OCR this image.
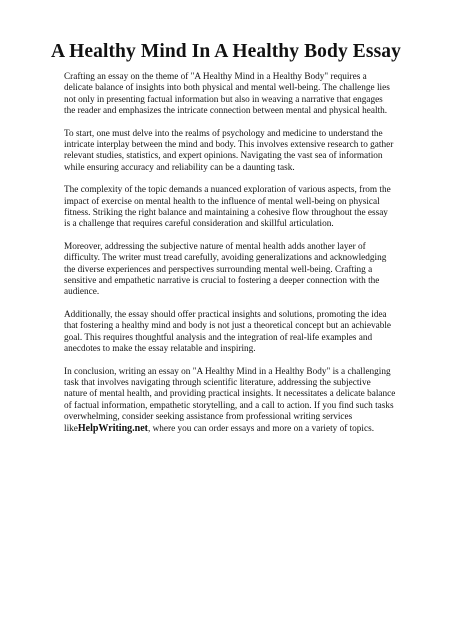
A Healthy Mind In A Healthy Body Essay

Crafting an essay on the theme of "A Healthy Mind in a Healthy Body" requires a delicate balance of insights into both physical and mental well-being. The challenge lies not only in presenting factual information but also in weaving a narrative that engages the reader and emphasizes the intricate connection between mental and physical health.

To start, one must delve into the realms of psychology and medicine to understand the intricate interplay between the mind and body. This involves extensive research to gather relevant studies, statistics, and expert opinions. Navigating the vast sea of information while ensuring accuracy and reliability can be a daunting task.

The complexity of the topic demands a nuanced exploration of various aspects, from the impact of exercise on mental health to the influence of mental well-being on physical fitness. Striking the right balance and maintaining a cohesive flow throughout the essay is a challenge that requires careful consideration and skillful articulation.

Moreover, addressing the subjective nature of mental health adds another layer of difficulty. The writer must tread carefully, avoiding generalizations and acknowledging the diverse experiences and perspectives surrounding mental well-being. Crafting a sensitive and empathetic narrative is crucial to fostering a deeper connection with the audience.

Additionally, the essay should offer practical insights and solutions, promoting the idea that fostering a healthy mind and body is not just a theoretical concept but an achievable goal. This requires thoughtful analysis and the integration of real-life examples and anecdotes to make the essay relatable and inspiring.

In conclusion, writing an essay on "A Healthy Mind in a Healthy Body" is a challenging task that involves navigating through scientific literature, addressing the subjective nature of mental health, and providing practical insights. It necessitates a delicate balance of factual information, empathetic storytelling, and a call to action. If you find such tasks overwhelming, consider seeking assistance from professional writing services likeHelpWriting.net, where you can order essays and more on a variety of topics.
